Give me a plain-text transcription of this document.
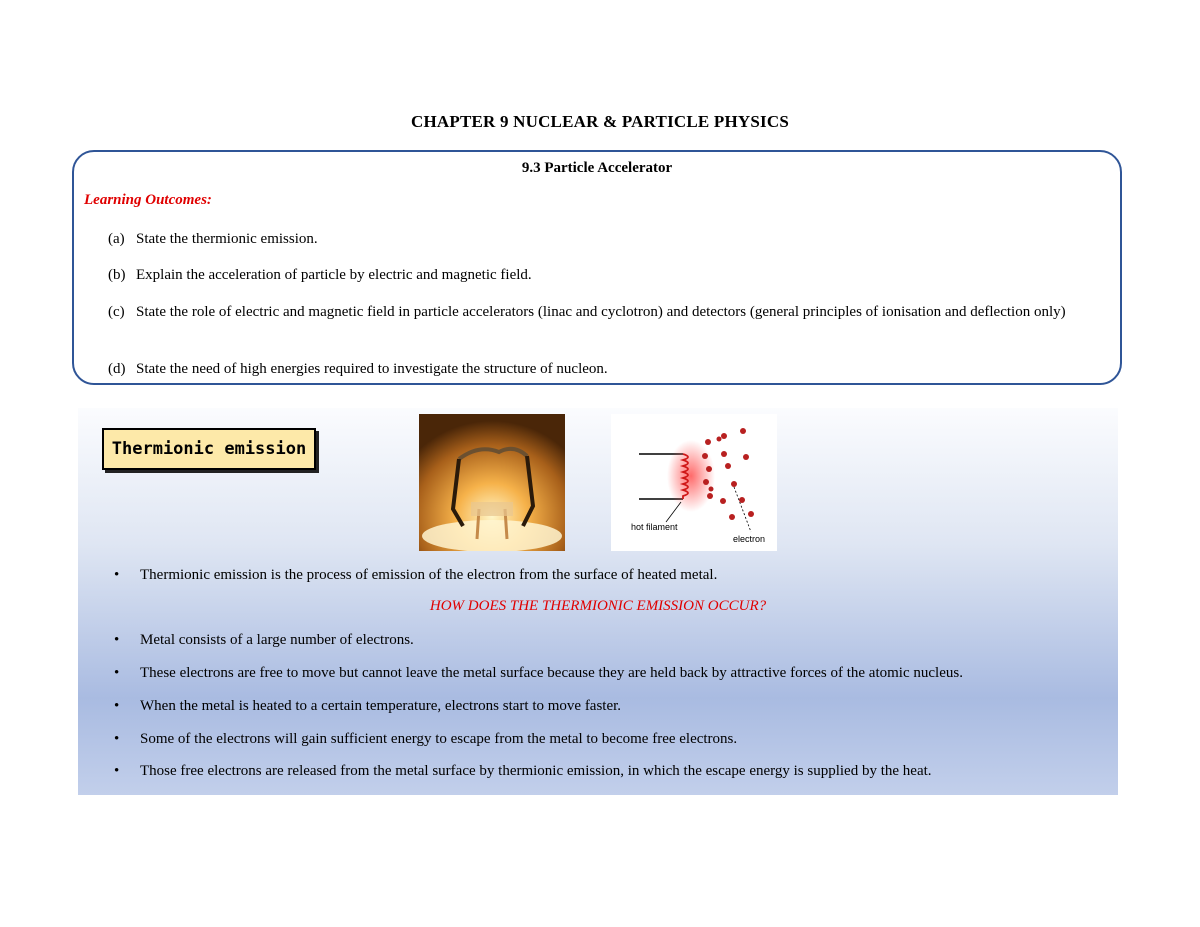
CHAPTER 9 NUCLEAR & PARTICLE PHYSICS
9.3 Particle Accelerator
Learning Outcomes:
(a) State the thermionic emission.
(b) Explain the acceleration of particle by electric and magnetic field.
(c) State the role of electric and magnetic field in particle accelerators (linac and cyclotron) and detectors (general principles of ionisation and deflection only)
(d) State the need of high energies required to investigate the structure of nucleon.
Thermionic emission
hot filament
electron
• Thermionic emission is the process of emission of the electron from the surface of heated metal.
HOW DOES THE THERMIONIC EMISSION OCCUR?
• Metal consists of a large number of electrons.
• These electrons are free to move but cannot leave the metal surface because they are held back by attractive forces of the atomic nucleus.
• When the metal is heated to a certain temperature, electrons start to move faster.
• Some of the electrons will gain sufficient energy to escape from the metal to become free electrons.
• Those free electrons are released from the metal surface by thermionic emission, in which the escape energy is supplied by the heat.
